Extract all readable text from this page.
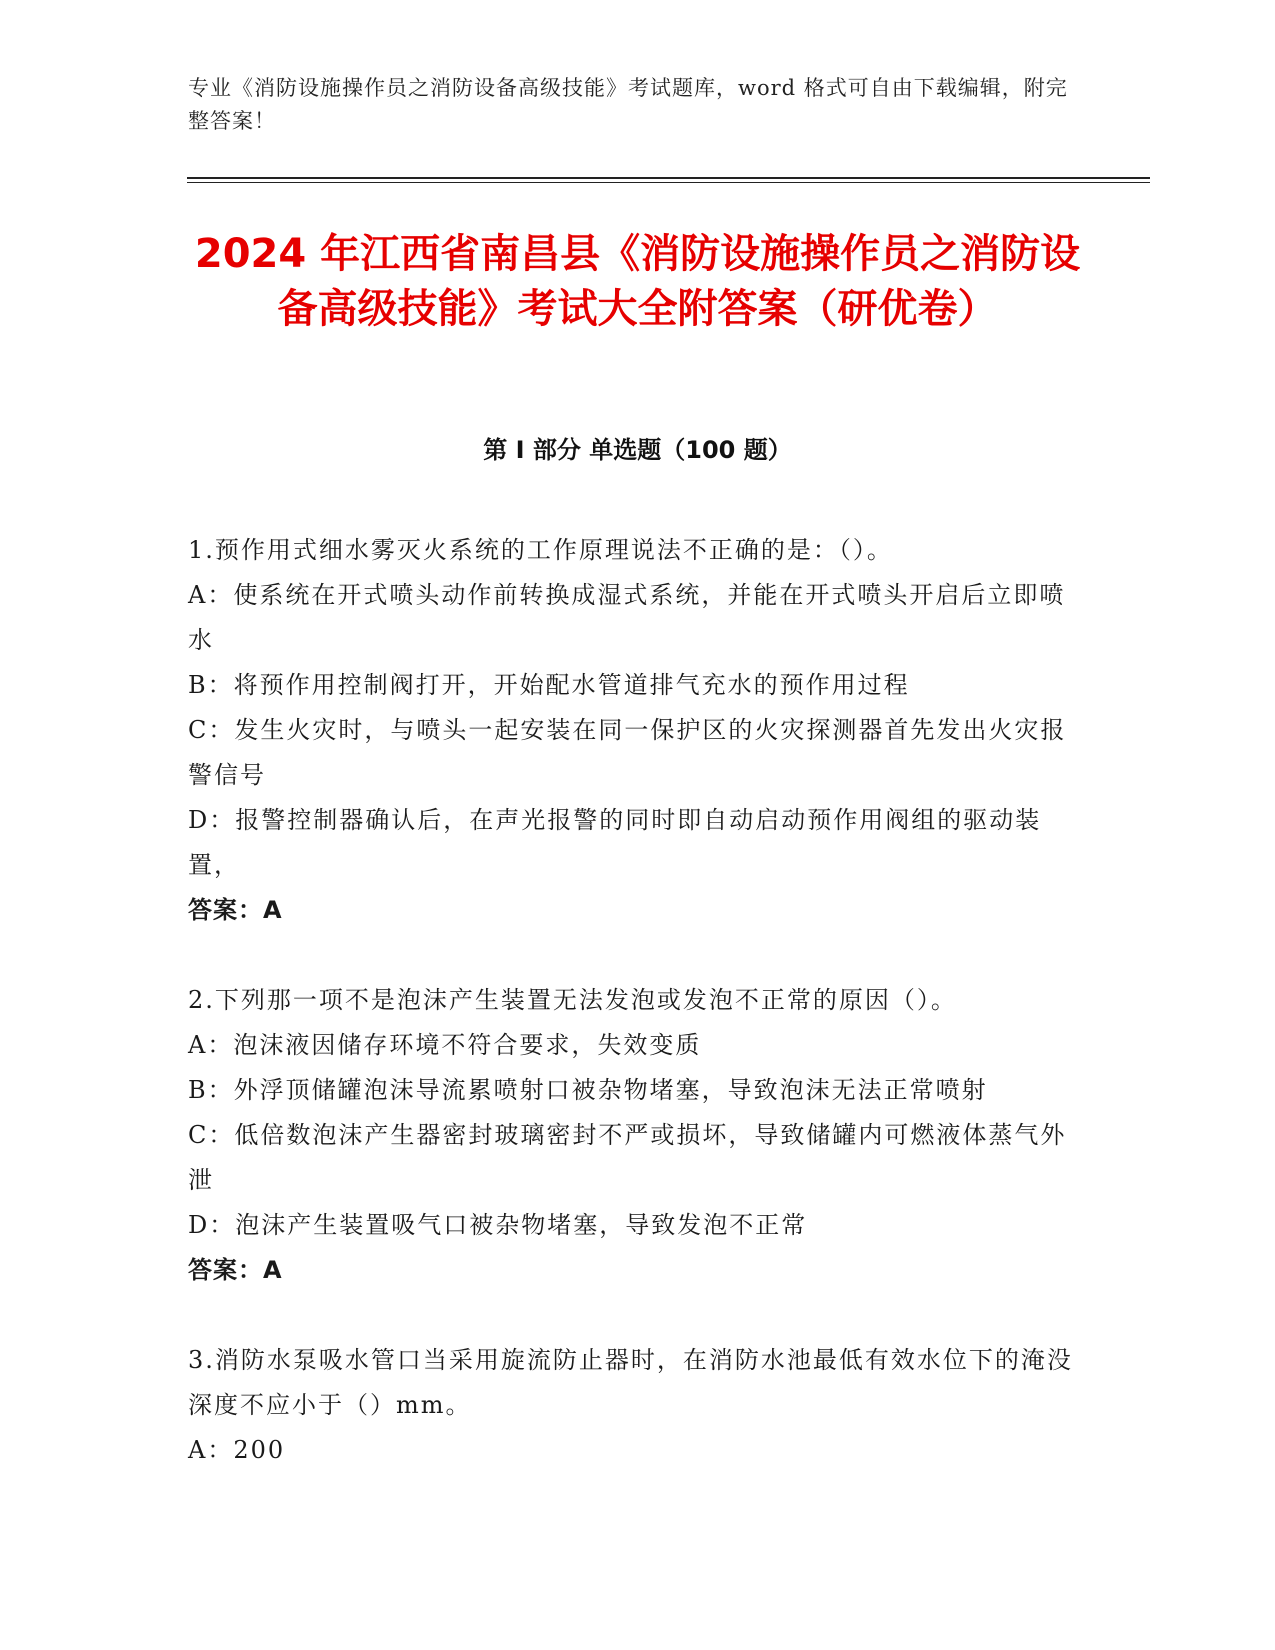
专业《消防设施操作员之消防设备高级技能》考试题库，word 格式可自由下载编辑，附完整答案！
2024 年江西省南昌县《消防设施操作员之消防设备高级技能》考试大全附答案（研优卷）
第 I 部分 单选题（100 题）
1.预作用式细水雾灭火系统的工作原理说法不正确的是：（）。
A：使系统在开式喷头动作前转换成湿式系统，并能在开式喷头开启后立即喷水
B：将预作用控制阀打开，开始配水管道排气充水的预作用过程
C：发生火灾时，与喷头一起安装在同一保护区的火灾探测器首先发出火灾报警信号
D：报警控制器确认后，在声光报警的同时即自动启动预作用阀组的驱动装置，
答案：A
2.下列那一项不是泡沫产生装置无法发泡或发泡不正常的原因（）。
A：泡沫液因储存环境不符合要求，失效变质
B：外浮顶储罐泡沫导流累喷射口被杂物堵塞，导致泡沫无法正常喷射
C：低倍数泡沫产生器密封玻璃密封不严或损坏，导致储罐内可燃液体蒸气外泄
D：泡沫产生装置吸气口被杂物堵塞，导致发泡不正常
答案：A
3.消防水泵吸水管口当采用旋流防止器时，在消防水池最低有效水位下的淹没深度不应小于（）mm。
A：200
